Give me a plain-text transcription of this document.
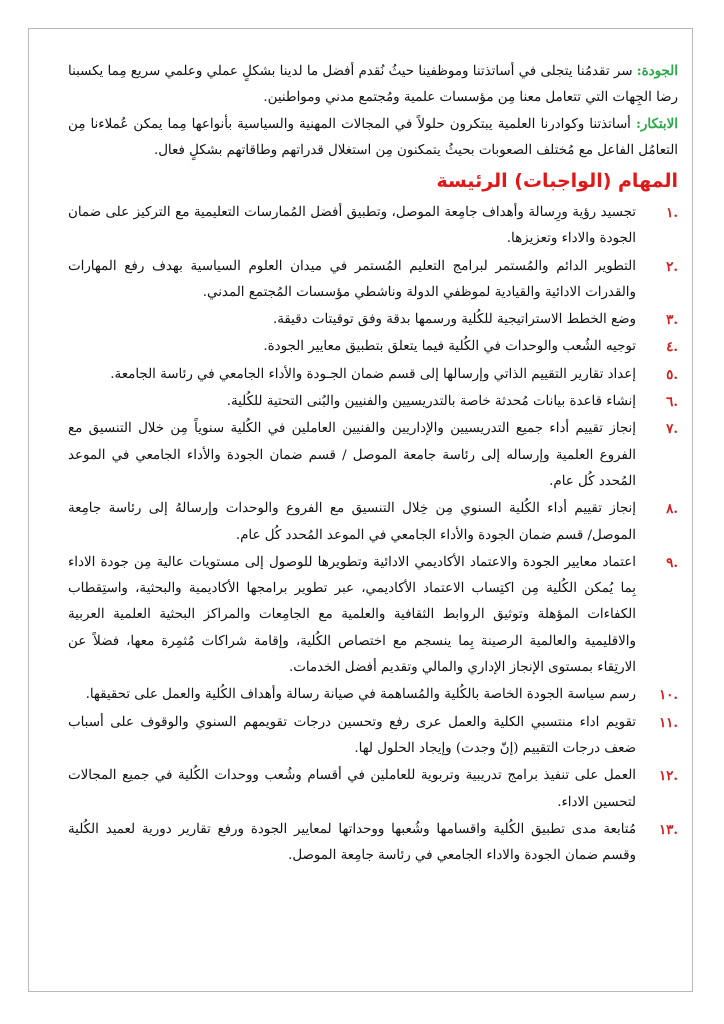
الجودة: سر تقدمُنا يتجلى في أساتذتنا وموظفينا حيثُ نُقدم أفضل ما لدينا بشكلٍ عملي وعلمي سريع مِما يكسبنا رضا الجِهات التي تتعامل معنا مِن مؤسسات علمية ومُجتمع مدني ومواطنين.

الابتكار: أساتذتنا وكوادرنا العلمية يبتكرون حلولاً في المجالات المهنية والسياسية بأنواعها مِما يمكن عُملاءنا مِن التعامُل الفاعل مع مُختلف الصعوبات بحيثُ يتمكنون مِن استغلال قدراتهم وطاقاتهم بشكلٍ فعال.

المهام (الواجبات) الرئيسة
.١
تجسيد رؤية ورِسالة وأهداف جامِعة الموصل، وتطبيق أفضل المُمارسات التعليمية مع التركيز على ضمان الجودة والاداء وتعزيزها.
.٢
التطوير الدائم والمُستمر لبرامج التعليم المُستمر في ميدان العلوم السياسية بهدف رفع المهارات والقدرات الادائية والقيادية لموظفي الدولة وناشطي مؤسسات المُجتمع المدني.
.٣
وضع الخطط الاستراتيجية للكُلية ورسمها بدقة وفق توقيتات دقيقة.
.٤
توجيه الشُعب والوحدات في الكُلية فيما يتعلق بتطبيق معايير الجودة.
.٥
إعداد تقارير التقييم الذاتي وإرسالها إلى قسم ضمان الجـودة والأداء الجامعي في رئاسة الجامعة.
.٦
إنشاء قاعدة بيانات مُحدثة خاصة بالتدريسيين والفنيين والبُنى التحتية للكُلية.
.٧
إنجاز تقييم أداء جميع التدريسيين والإداريين والفنيين العاملين في الكُلية سنوياً مِن خلال التنسيق مع الفروع العلمية وإرساله إلى رئاسة جامعة الموصل / قسم ضمان الجودة والأداء الجامعي في الموعد المُحدد كُل عام.
.٨
إنجاز تقييم أداء الكُلية السنوي مِن خِلال التنسيق مع الفروع والوحدات وإرسالهُ إلى رئاسة جامِعة الموصل/ قسم ضمان الجودة والأداء الجامعي في الموعد المُحدد كُل عام.
.٩
اعتماد معايير الجودة والاعتماد الأكاديمي الادائية وتطويرها للوصول إلى مستويات عالية مِن جودة الاداء بِما يُمكن الكُلية مِن اكتِساب الاعتماد الأكاديمي، عبر تطوير برامجها الأكاديمية والبحثية، واستِقطاب الكفاءات المؤهلة وتوثيق الروابط الثقافية والعلمية مع الجامِعات والمراكز البحثية العلمية العربية والاقليمية والعالمية الرصينة بِما ينسجم مع اختصاص الكُلية، وإقامة شراكات مُثمِرة معها، فضلاً عن الارتِقاء بمستوى الإنجاز الإداري والمالي وتقديم أفضل الخدمات.
.١٠
رسم سياسة الجودة الخاصة بالكُلية والمُساهمة في صيانة رسالة وأهداف الكُلية والعمل على تحقيقها.
.١١
تقويم اداء منتسبي الكلية والعمل عرى رفع وتحسين درجات تقويمهم السنوي والوقوف على أسباب ضعف درجات التقييم (إنّ وجدت) وإيجاد الحلول لها.
.١٢
العمل على تنفيذ برامج تدريبية وتربوية للعاملين في أقسام وشُعب ووحدات الكُلية في جميع المجالات لتحسين الاداء.
.١٣
مُتابعة مدى تطبيق الكُلية واقسامها وشُعبها ووحداتها لمعايير الجودة ورفع تقارير دورية لعميد الكُلية وقسم ضمان الجودة والاداء الجامعي في رئاسة جامِعة الموصل.
